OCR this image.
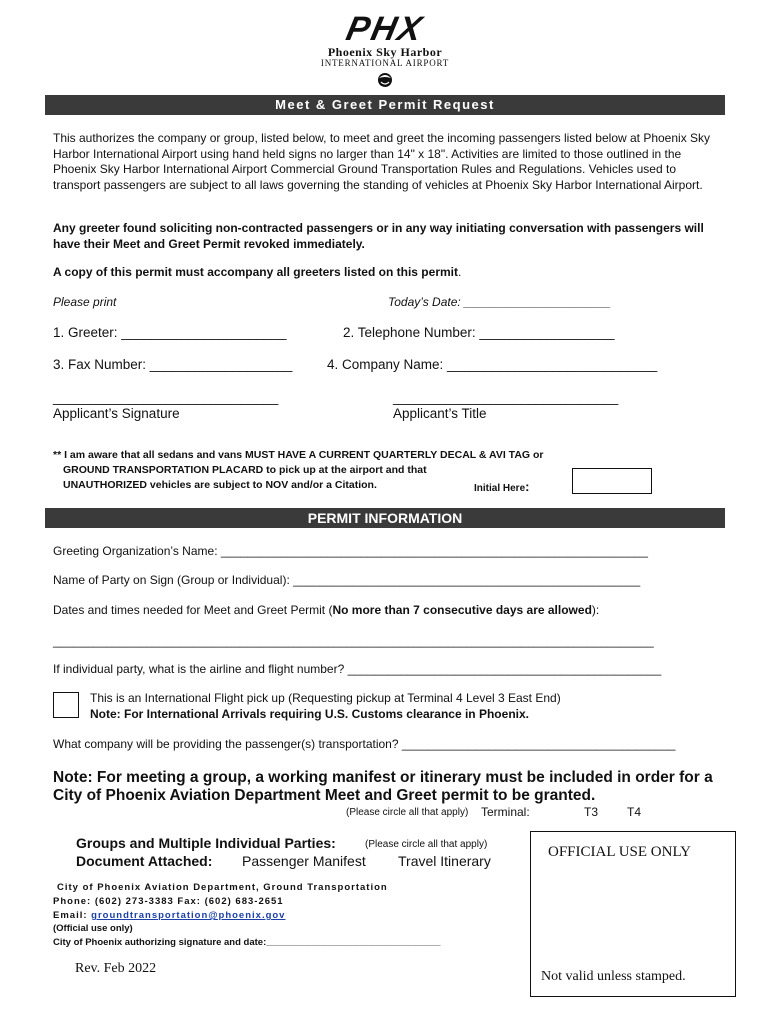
PHX
Phoenix Sky Harbor
INTERNATIONAL AIRPORT
Meet & Greet Permit Request
This authorizes the company or group, listed below, to meet and greet the incoming passengers listed below at Phoenix Sky Harbor International Airport using hand held signs no larger than 14" x 18". Activities are limited to those outlined in the Phoenix Sky Harbor International Airport Commercial Ground Transportation Rules and Regulations. Vehicles used to transport passengers are subject to all laws governing the standing of vehicles at Phoenix Sky Harbor International Airport.
Any greeter found soliciting non-contracted passengers or in any way initiating conversation with passengers will have their Meet and Greet Permit revoked immediately.
A copy of this permit must accompany all greeters listed on this permit.
Please print	Today’s Date: ______________________
1. Greeter: ______________________	2. Telephone Number: __________________
3. Fax Number: ___________________	4. Company Name: ____________________________
______________________________	______________________________
Applicant’s Signature	Applicant’s Title
** I am aware that all sedans and vans MUST HAVE A CURRENT QUARTERLY DECAL & AVI TAG or
GROUND TRANSPORTATION PLACARD to pick up at the airport and that
UNAUTHORIZED vehicles are subject to NOV and/or a Citation.	Initial Here:
PERMIT INFORMATION
Greeting Organization’s Name: ________________________________________________________________
Name of Party on Sign (Group or Individual): ____________________________________________________
Dates and times needed for Meet and Greet Permit (No more than 7 consecutive days are allowed):
__________________________________________________________________________________________
If individual party, what is the airline and flight number? _______________________________________________
This is an International Flight pick up (Requesting pickup at Terminal 4 Level 3 East End)
Note: For International Arrivals requiring U.S. Customs clearance in Phoenix.
What company will be providing the passenger(s) transportation? _________________________________________
Note: For meeting a group, a working manifest or itinerary must be included in order for a
City of Phoenix Aviation Department Meet and Greet permit to be granted.
(Please circle all that apply) Terminal:	T3 T4
Groups and Multiple Individual Parties:	(Please circle all that apply)
Document Attached: Passenger Manifest Travel Itinerary
OFFICIAL USE ONLY
Not valid unless stamped.
City of Phoenix Aviation Department, Ground Transportation
Phone: (602) 273-3383 Fax: (602) 683-2651
Email: groundtransportation@phoenix.gov
(Official use only)
City of Phoenix authorizing signature and date:_________________________________
Rev. Feb 2022
